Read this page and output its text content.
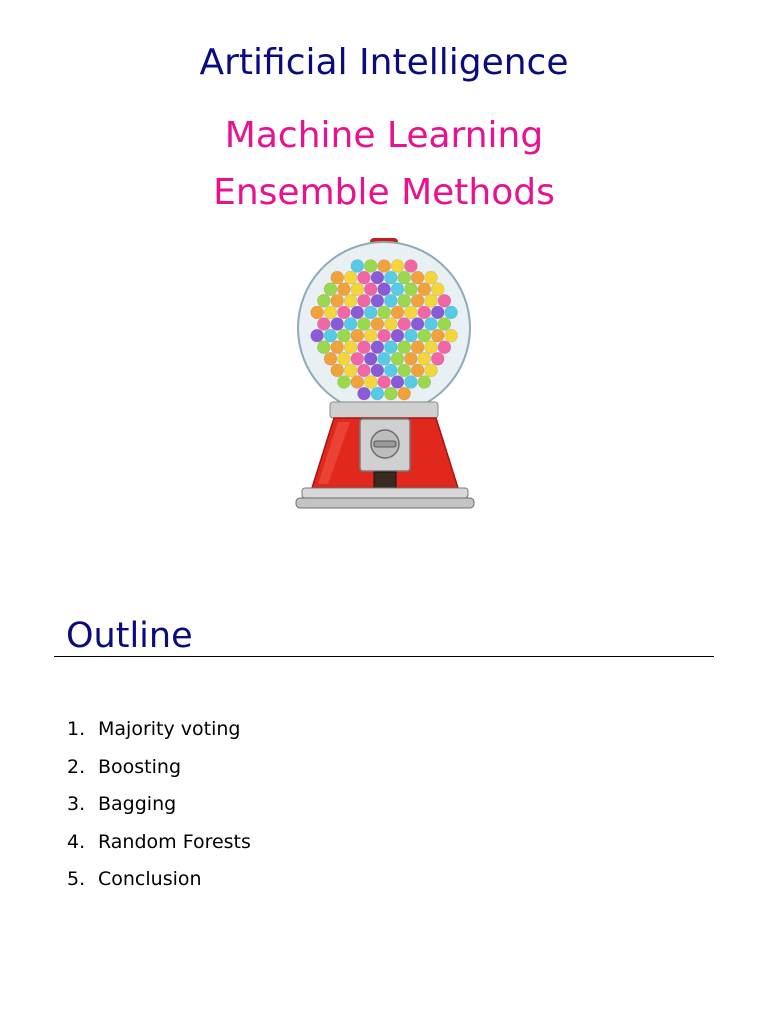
Artificial Intelligence
Machine Learning
Ensemble Methods
Outline
1. Majority voting
2. Boosting
3. Bagging
4. Random Forests
5. Conclusion
